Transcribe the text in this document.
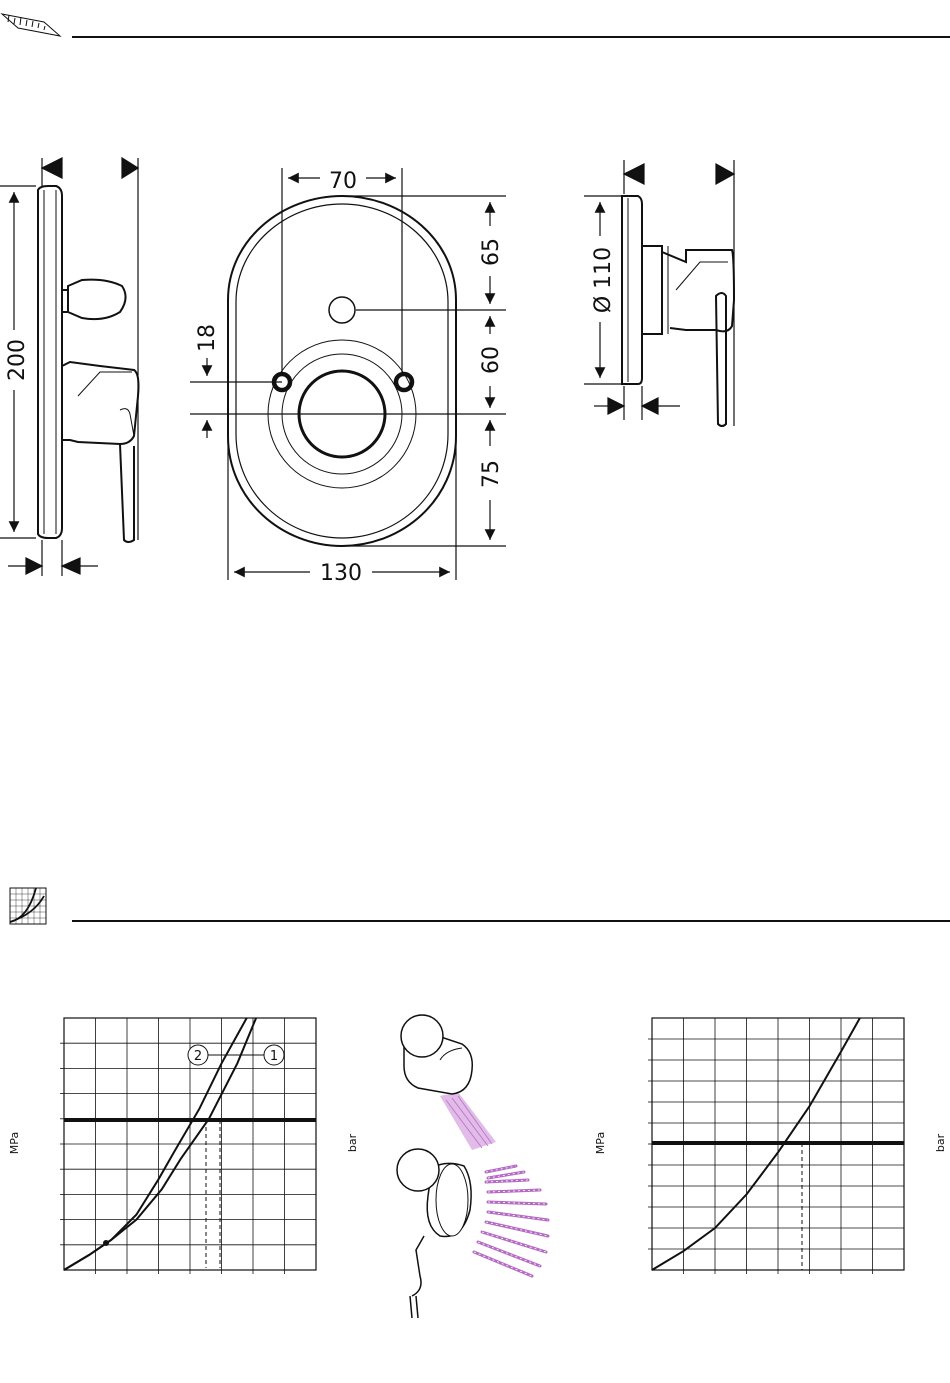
200
70
65
60
75
18
130
Ø 110
2	1
MPa	bar	MPa	bar
